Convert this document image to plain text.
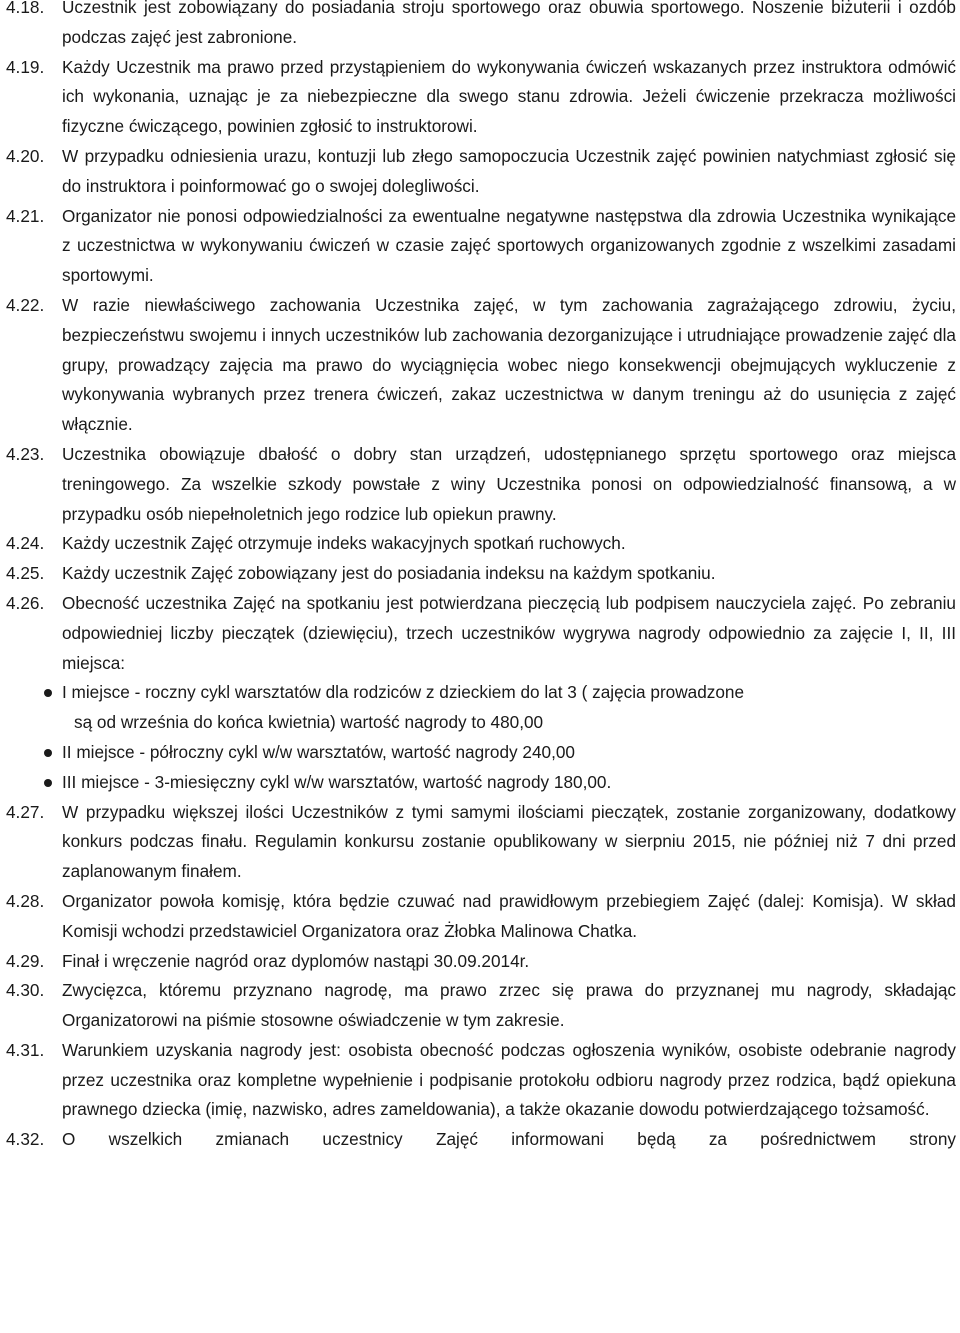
4.18.	Uczestnik jest zobowiązany do posiadania stroju sportowego oraz obuwia sportowego. Noszenie biżuterii i ozdób podczas zajęć jest zabronione.
4.19.	Każdy Uczestnik ma prawo przed przystąpieniem do wykonywania ćwiczeń wskazanych przez instruktora odmówić ich wykonania, uznając je za niebezpieczne dla swego stanu zdrowia. Jeżeli ćwiczenie przekracza możliwości fizyczne ćwiczącego, powinien zgłosić to instruktorowi.
4.20.	W przypadku odniesienia urazu, kontuzji lub złego samopoczucia Uczestnik zajęć powinien natychmiast zgłosić się do instruktora i poinformować go o swojej dolegliwości.
4.21.	Organizator nie ponosi odpowiedzialności za ewentualne negatywne następstwa dla zdrowia Uczestnika wynikające z uczestnictwa w wykonywaniu ćwiczeń w czasie zajęć sportowych organizowanych zgodnie z wszelkimi zasadami sportowymi.
4.22.	W razie niewłaściwego zachowania Uczestnika zajęć, w tym zachowania zagrażającego zdrowiu, życiu, bezpieczeństwu swojemu i innych uczestników lub zachowania dezorganizujące i utrudniające prowadzenie zajęć dla grupy, prowadzący zajęcia ma prawo do wyciągnięcia wobec niego konsekwencji obejmujących wykluczenie z wykonywania wybranych przez trenera ćwiczeń, zakaz uczestnictwa w danym treningu aż do usunięcia z zajęć włącznie.
4.23.	Uczestnika obowiązuje dbałość o dobry stan urządzeń, udostępnianego sprzętu sportowego oraz miejsca treningowego. Za wszelkie szkody powstałe z winy Uczestnika ponosi on odpowiedzialność finansową, a w przypadku osób niepełnoletnich jego rodzice lub opiekun prawny.
4.24.	Każdy uczestnik Zajęć otrzymuje indeks wakacyjnych spotkań ruchowych.
4.25.	Każdy uczestnik Zajęć zobowiązany jest do posiadania indeksu na każdym spotkaniu.
4.26.	Obecność uczestnika Zajęć na spotkaniu jest potwierdzana pieczęcią lub podpisem nauczyciela zajęć. Po zebraniu odpowiedniej liczby pieczątek (dziewięciu), trzech uczestników wygrywa nagrody odpowiednio za zajęcie I, II, III miejsca:
I miejsce - roczny cykl warsztatów dla rodziców z dzieckiem do lat 3 ( zajęcia prowadzone
są od września do końca kwietnia) wartość nagrody to 480,00
II miejsce - półroczny cykl w/w warsztatów, wartość nagrody 240,00
III miejsce - 3-miesięczny cykl w/w warsztatów, wartość nagrody 180,00.
4.27.	W przypadku większej ilości Uczestników z tymi samymi ilościami pieczątek, zostanie zorganizowany, dodatkowy konkurs podczas finału. Regulamin konkursu zostanie opublikowany w sierpniu 2015, nie później niż 7 dni przed zaplanowanym finałem.
4.28.	Organizator powoła komisję, która będzie czuwać nad prawidłowym przebiegiem Zajęć (dalej: Komisja). W skład Komisji wchodzi przedstawiciel Organizatora oraz Żłobka Malinowa Chatka.
4.29.	Finał i wręczenie nagród oraz dyplomów nastąpi 30.09.2014r.
4.30.	Zwycięzca, któremu przyznano nagrodę, ma prawo zrzec się prawa do przyznanej mu nagrody, składając Organizatorowi na piśmie stosowne oświadczenie w tym zakresie.
4.31.	Warunkiem uzyskania nagrody jest: osobista obecność podczas ogłoszenia wyników, osobiste odebranie nagrody przez uczestnika oraz kompletne wypełnienie i podpisanie protokołu odbioru nagrody przez rodzica, bądź opiekuna prawnego dziecka (imię, nazwisko, adres zameldowania), a także okazanie dowodu potwierdzającego tożsamość.
4.32.	O wszelkich zmianach uczestnicy Zajęć informowani będą za pośrednictwem strony
